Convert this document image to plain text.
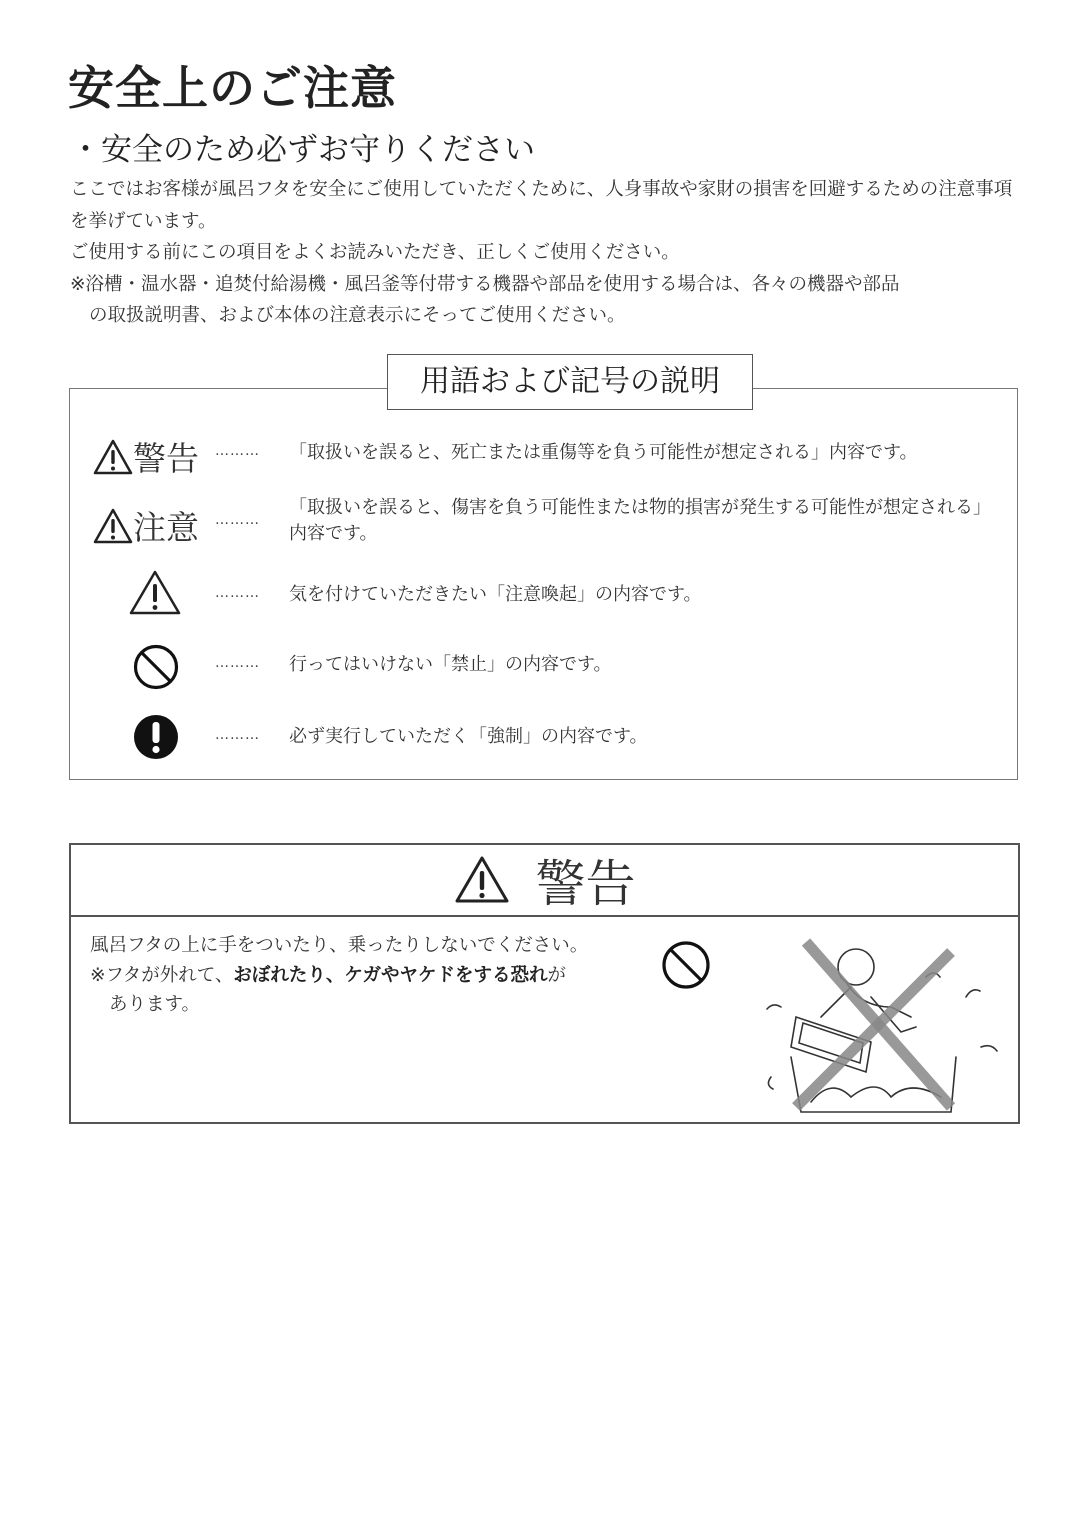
安全上のご注意
・安全のため必ずお守りください

ここではお客様が風呂フタを安全にご使用していただくために、人身事故や家財の損害を回避するための注意事項を挙げています。

ご使用する前にこの項目をよくお読みいただき、正しくご使用ください。

※浴槽・温水器・追焚付給湯機・風呂釜等付帯する機器や部品を使用する場合は、各々の機器や部品

の取扱説明書、および本体の注意表示にそってご使用ください。

用語および記号の説明
警告 ……… 「取扱いを誤ると、死亡または重傷等を負う可能性が想定される」内容です。
注意 ………
「取扱いを誤ると、傷害を負う可能性または物的損害が発生する可能性が想定される」内容です。
……… 気を付けていただきたい「注意喚起」の内容です。
……… 行ってはいけない「禁止」の内容です。
……… 必ず実行していただく「強制」の内容です。
警告

風呂フタの上に手をついたり、乗ったりしないでください。

※フタが外れて、おぼれたり、ケガやヤケドをする恐れが

あります。
